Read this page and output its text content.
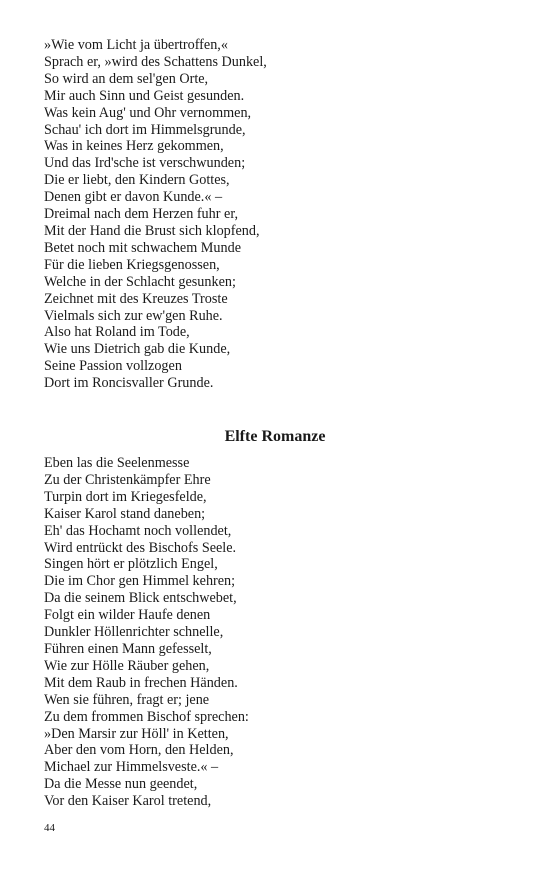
»Wie vom Licht ja übertroffen,«
Sprach er, »wird des Schattens Dunkel,
So wird an dem sel'gen Orte,
Mir auch Sinn und Geist gesunden.
Was kein Aug' und Ohr vernommen,
Schau' ich dort im Himmelsgrunde,
Was in keines Herz gekommen,
Und das Ird'sche ist verschwunden;
Die er liebt, den Kindern Gottes,
Denen gibt er davon Kunde.« –
Dreimal nach dem Herzen fuhr er,
Mit der Hand die Brust sich klopfend,
Betet noch mit schwachem Munde
Für die lieben Kriegsgenossen,
Welche in der Schlacht gesunken;
Zeichnet mit des Kreuzes Troste
Vielmals sich zur ew'gen Ruhe.
Also hat Roland im Tode,
Wie uns Dietrich gab die Kunde,
Seine Passion vollzogen
Dort im Roncisvaller Grunde.
Elfte Romanze
Eben las die Seelenmesse
Zu der Christenkämpfer Ehre
Turpin dort im Kriegesfelde,
Kaiser Karol stand daneben;
Eh' das Hochamt noch vollendet,
Wird entrückt des Bischofs Seele.
Singen hört er plötzlich Engel,
Die im Chor gen Himmel kehren;
Da die seinem Blick entschwebet,
Folgt ein wilder Haufe denen
Dunkler Höllenrichter schnelle,
Führen einen Mann gefesselt,
Wie zur Hölle Räuber gehen,
Mit dem Raub in frechen Händen.
Wen sie führen, fragt er; jene
Zu dem frommen Bischof sprechen:
»Den Marsir zur Höll' in Ketten,
Aber den vom Horn, den Helden,
Michael zur Himmelsveste.« –
Da die Messe nun geendet,
Vor den Kaiser Karol tretend,
44
